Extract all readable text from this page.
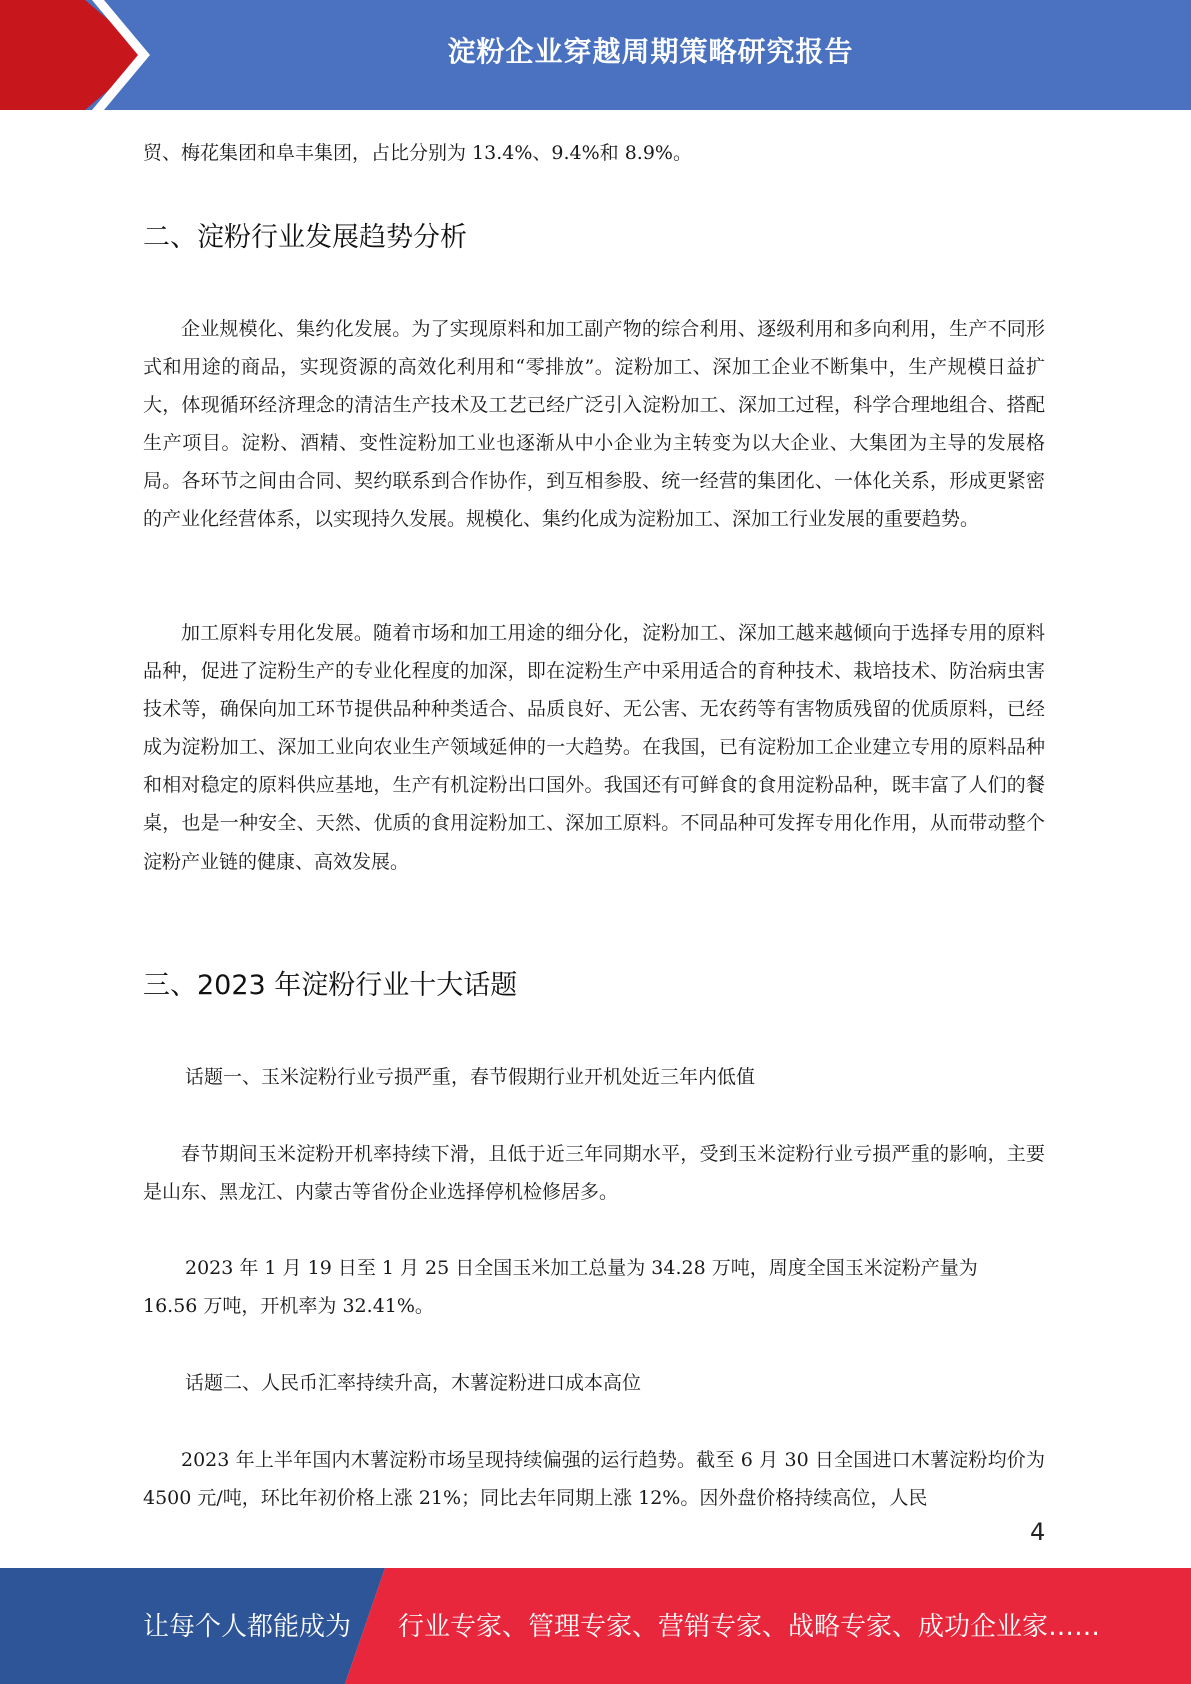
淀粉企业穿越周期策略研究报告
贸、梅花集团和阜丰集团，占比分别为 13.4%、9.4%和 8.9%。
二、淀粉行业发展趋势分析
企业规模化、集约化发展。为了实现原料和加工副产物的综合利用、逐级利用和多向利用，生产不同形式和用途的商品，实现资源的高效化利用和“零排放”。淀粉加工、深加工企业不断集中，生产规模日益扩大，体现循环经济理念的清洁生产技术及工艺已经广泛引入淀粉加工、深加工过程，科学合理地组合、搭配生产项目。淀粉、酒精、变性淀粉加工业也逐渐从中小企业为主转变为以大企业、大集团为主导的发展格局。各环节之间由合同、契约联系到合作协作，到互相参股、统一经营的集团化、一体化关系，形成更紧密的产业化经营体系，以实现持久发展。规模化、集约化成为淀粉加工、深加工行业发展的重要趋势。
加工原料专用化发展。随着市场和加工用途的细分化，淀粉加工、深加工越来越倾向于选择专用的原料品种，促进了淀粉生产的专业化程度的加深，即在淀粉生产中采用适合的育种技术、栽培技术、防治病虫害技术等，确保向加工环节提供品种种类适合、品质良好、无公害、无农药等有害物质残留的优质原料，已经成为淀粉加工、深加工业向农业生产领域延伸的一大趋势。在我国，已有淀粉加工企业建立专用的原料品种和相对稳定的原料供应基地，生产有机淀粉出口国外。我国还有可鲜食的食用淀粉品种，既丰富了人们的餐桌，也是一种安全、天然、优质的食用淀粉加工、深加工原料。不同品种可发挥专用化作用，从而带动整个淀粉产业链的健康、高效发展。
三、2023 年淀粉行业十大话题
话题一、玉米淀粉行业亏损严重，春节假期行业开机处近三年内低值
春节期间玉米淀粉开机率持续下滑，且低于近三年同期水平，受到玉米淀粉行业亏损严重的影响，主要是山东、黑龙江、内蒙古等省份企业选择停机检修居多。
2023 年 1 月 19 日至 1 月 25 日全国玉米加工总量为 34.28 万吨，周度全国玉米淀粉产量为
16.56 万吨，开机率为 32.41%。
话题二、人民币汇率持续升高，木薯淀粉进口成本高位
2023 年上半年国内木薯淀粉市场呈现持续偏强的运行趋势。截至 6 月 30 日全国进口木薯淀粉均价为 4500 元/吨，环比年初价格上涨 21%；同比去年同期上涨 12%。因外盘价格持续高位，人民
4
让每个人都能成为 行业专家、管理专家、营销专家、战略专家、成功企业家……
